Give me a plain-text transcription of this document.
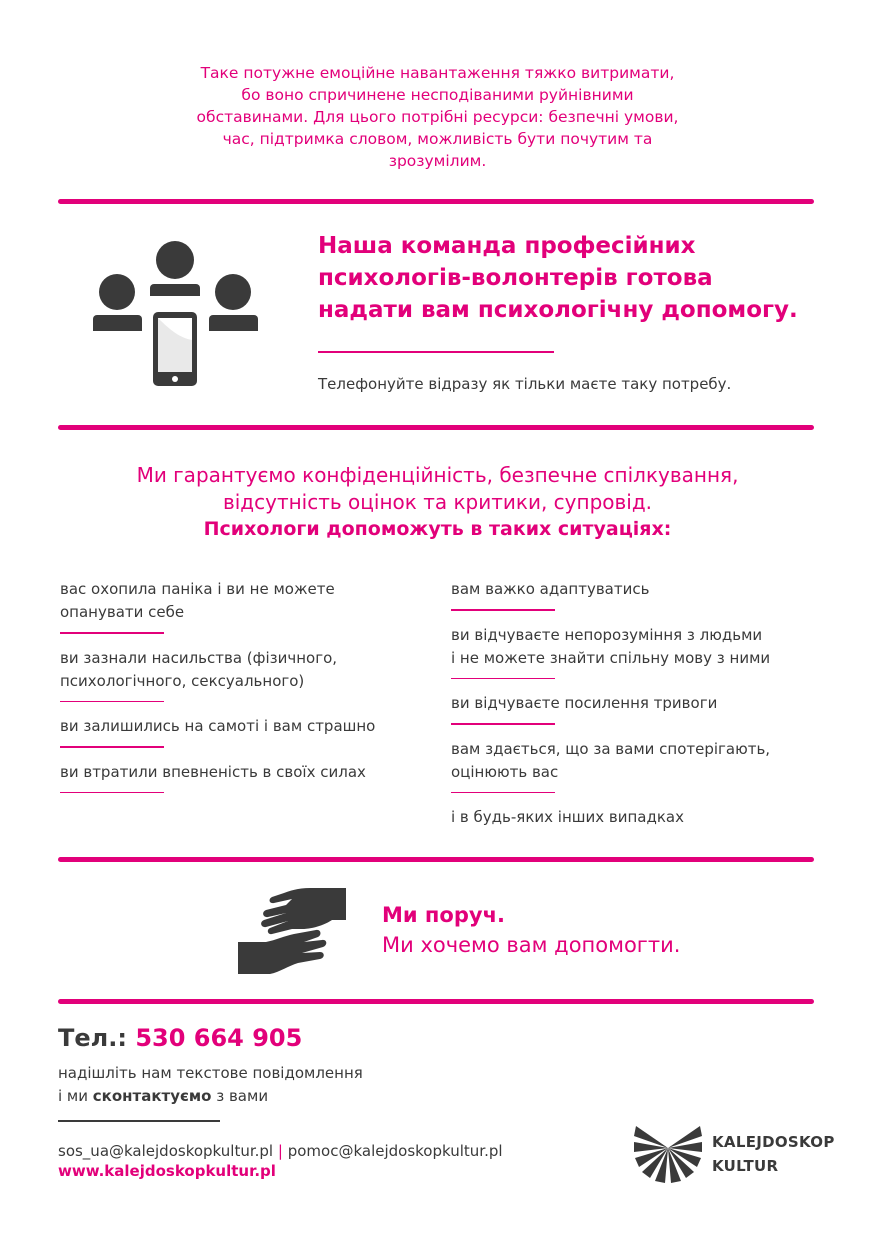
Таке потужне емоційне навантаження тяжко витримати,
бо воно спричинене несподіваними руйнівними
обставинами. Для цього потрібні ресурси: безпечні умови,
час, підтримка словом, можливість бути почутим та
зрозумілим.
Наша команда професійних
психологів-волонтерів готова
надати вам психологічну допомогу.
Телефонуйте відразу як тільки маєте таку потребу.
Ми гарантуємо конфіденційність, безпечне спілкування,
відсутність оцінок та критики, супровід.
Психологи допоможуть в таких ситуаціях:
вас охопила паніка і ви не можете
опанувати себе
ви зазнали насильства (фізичного,
психологічного, сексуального)
ви залишились на самоті і вам страшно
ви втратили впевненість в своїх силах
вам важко адаптуватись
ви відчуваєте непорозуміння з людьми
і не можете знайти спільну мову з ними
ви відчуваєте посилення тривоги
вам здається, що за вами спотерігають,
оцінюють вас
і в будь-яких інших випадках
Ми поруч.
Ми хочемо вам допомогти.
Тел.: 530 664 905
надішліть нам текстове повідомлення
і ми сконтактуємо з вами
sos_ua@kalejdoskopkultur.pl | pomoc@kalejdoskopkultur.pl
www.kalejdoskopkultur.pl
KALEJDOSKOP
KULTUR
